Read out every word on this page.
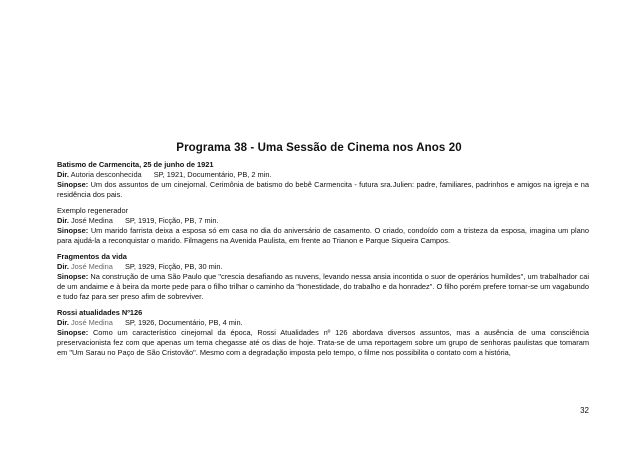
Programa 38 - Uma Sessão de Cinema nos Anos 20
Batismo de Carmencita, 25 de junho de 1921
Dir. Autoria desconhecida SP, 1921, Documentário, PB, 2 min.
Sinopse: Um dos assuntos de um cinejornal. Cerimônia de batismo do bebê Carmencita - futura sra.Julien: padre, familiares, padrinhos e amigos na igreja e na residência dos pais.
Exemplo regenerador
Dir. José Medina SP, 1919, Ficção, PB, 7 min.
Sinopse: Um marido farrista deixa a esposa só em casa no dia do aniversário de casamento. O criado, condoído com a tristeza da esposa, imagina um plano para ajudá-la a reconquistar o marido. Filmagens na Avenida Paulista, em frente ao Trianon e Parque Siqueira Campos.
Fragmentos da vida
Dir. José Medina SP, 1929, Ficção, PB, 30 min.
Sinopse: Na construção de uma São Paulo que "crescia desafiando as nuvens, levando nessa ansia incontida o suor de operários humildes", um trabalhador cai de um andaime e à beira da morte pede para o filho trilhar o caminho da "honestidade, do trabalho e da honradez". O filho porém prefere tornar-se um vagabundo e tudo faz para ser preso afim de sobreviver.
Rossi atualidades Nº126
Dir. José Medina SP, 1926, Documentário, PB, 4 min.
Sinopse: Como um característico cinejornal da época, Rossi Atualidades nº 126 abordava diversos assuntos, mas a ausência de uma consciência preservacionista fez com que apenas um tema chegasse até os dias de hoje. Trata-se de uma reportagem sobre um grupo de senhoras paulistas que tomaram em "Um Sarau no Paço de São Cristovão". Mesmo com a degradação imposta pelo tempo, o filme nos possibilita o contato com a história,
32
